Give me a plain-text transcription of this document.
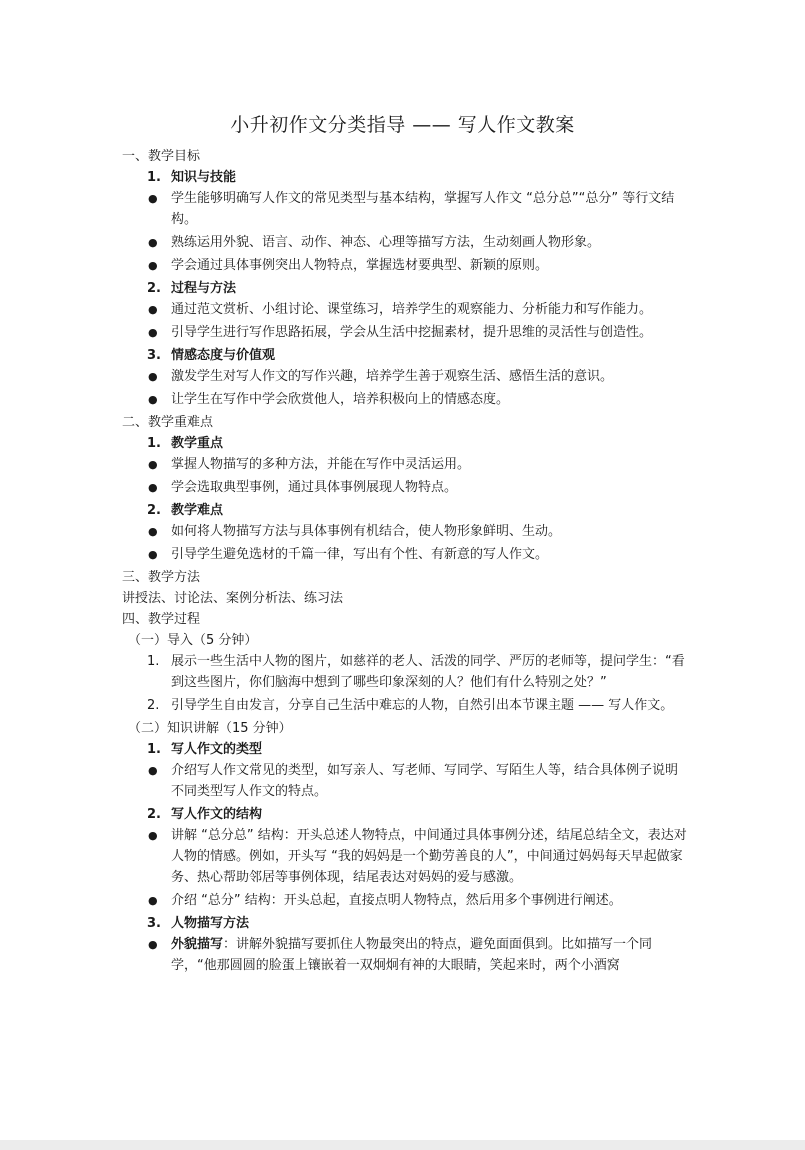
小升初作文分类指导 —— 写人作文教案
一、教学目标
1. 知识与技能
● 学生能够明确写人作文的常见类型与基本结构，掌握写人作文 “总分总”“总分” 等行文结构。
● 熟练运用外貌、语言、动作、神态、心理等描写方法，生动刻画人物形象。
● 学会通过具体事例突出人物特点，掌握选材要典型、新颖的原则。
2. 过程与方法
● 通过范文赏析、小组讨论、课堂练习，培养学生的观察能力、分析能力和写作能力。
● 引导学生进行写作思路拓展，学会从生活中挖掘素材，提升思维的灵活性与创造性。
3. 情感态度与价值观
● 激发学生对写人作文的写作兴趣，培养学生善于观察生活、感悟生活的意识。
● 让学生在写作中学会欣赏他人，培养积极向上的情感态度。
二、教学重难点
1. 教学重点
● 掌握人物描写的多种方法，并能在写作中灵活运用。
● 学会选取典型事例，通过具体事例展现人物特点。
2. 教学难点
● 如何将人物描写方法与具体事例有机结合，使人物形象鲜明、生动。
● 引导学生避免选材的千篇一律，写出有个性、有新意的写人作文。
三、教学方法
讲授法、讨论法、案例分析法、练习法
四、教学过程
（一）导入（5 分钟）
1. 展示一些生活中人物的图片，如慈祥的老人、活泼的同学、严厉的老师等，提问学生：“看到这些图片，你们脑海中想到了哪些印象深刻的人？他们有什么特别之处？”
2. 引导学生自由发言，分享自己生活中难忘的人物，自然引出本节课主题 —— 写人作文。
（二）知识讲解（15 分钟）
1. 写人作文的类型
● 介绍写人作文常见的类型，如写亲人、写老师、写同学、写陌生人等，结合具体例子说明不同类型写人作文的特点。
2. 写人作文的结构
● 讲解 “总分总” 结构：开头总述人物特点，中间通过具体事例分述，结尾总结全文，表达对人物的情感。例如，开头写 “我的妈妈是一个勤劳善良的人”，中间通过妈妈每天早起做家务、热心帮助邻居等事例体现，结尾表达对妈妈的爱与感激。
● 介绍 “总分” 结构：开头总起，直接点明人物特点，然后用多个事例进行阐述。
3. 人物描写方法
● 外貌描写：讲解外貌描写要抓住人物最突出的特点，避免面面俱到。比如描写一个同学，“他那圆圆的脸蛋上镶嵌着一双炯炯有神的大眼睛，笑起来时，两个小酒窝
